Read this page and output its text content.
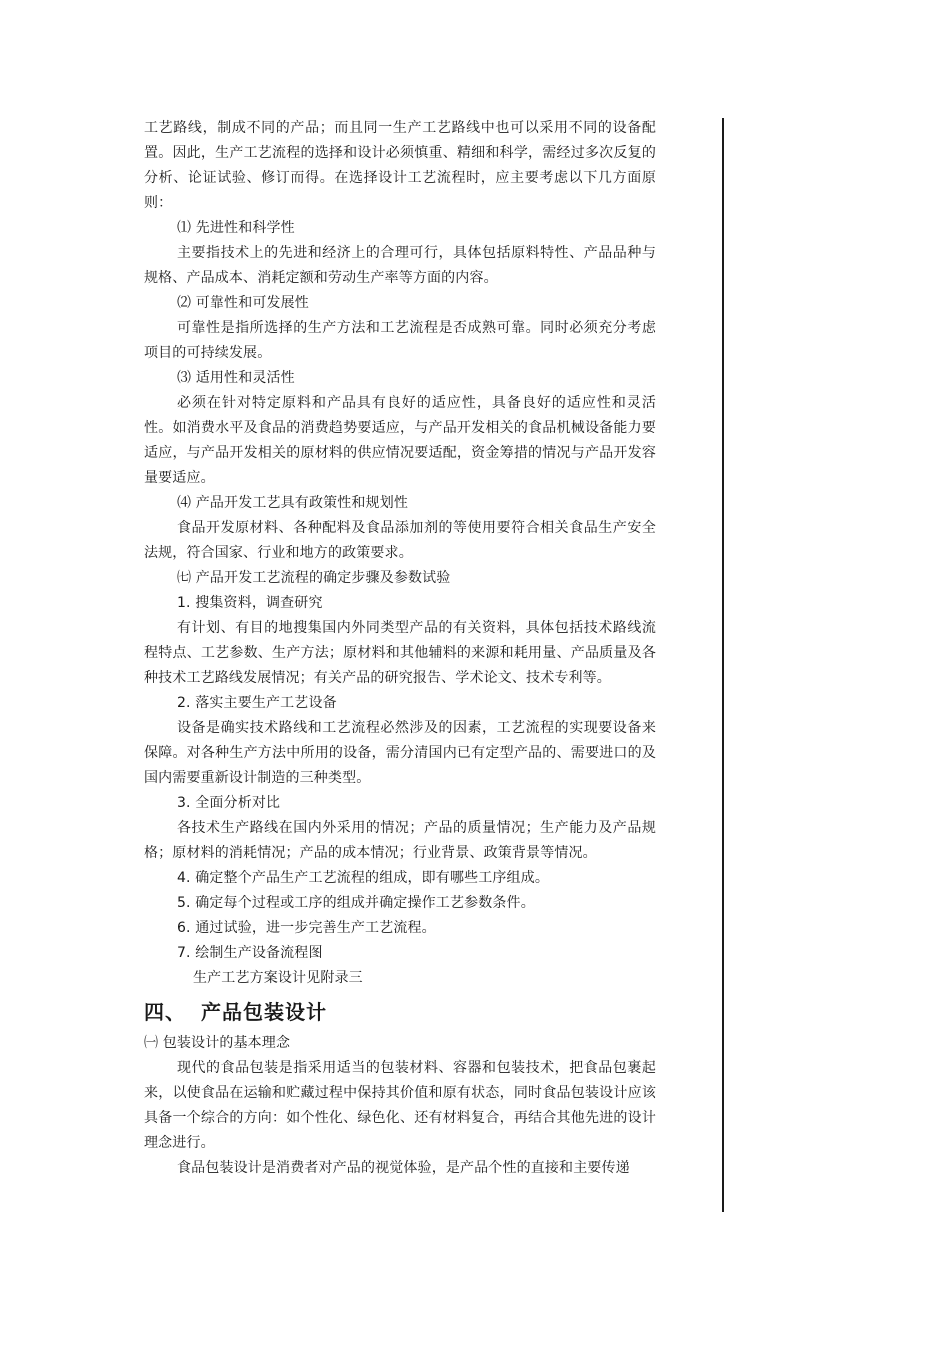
工艺路线，制成不同的产品；而且同一生产工艺路线中也可以采用不同的设备配置。因此，生产工艺流程的选择和设计必须慎重、精细和科学，需经过多次反复的分析、论证试验、修订而得。在选择设计工艺流程时，应主要考虑以下几方面原则：

⑴ 先进性和科学性

主要指技术上的先进和经济上的合理可行，具体包括原料特性、产品品种与规格、产品成本、消耗定额和劳动生产率等方面的内容。

⑵ 可靠性和可发展性

可靠性是指所选择的生产方法和工艺流程是否成熟可靠。同时必须充分考虑项目的可持续发展。

⑶ 适用性和灵活性

必须在针对特定原料和产品具有良好的适应性，具备良好的适应性和灵活性。如消费水平及食品的消费趋势要适应，与产品开发相关的食品机械设备能力要适应，与产品开发相关的原材料的供应情况要适配，资金筹措的情况与产品开发容量要适应。

⑷ 产品开发工艺具有政策性和规划性

食品开发原材料、各种配料及食品添加剂的等使用要符合相关食品生产安全法规，符合国家、行业和地方的政策要求。

㈦ 产品开发工艺流程的确定步骤及参数试验

1. 搜集资料，调查研究

有计划、有目的地搜集国内外同类型产品的有关资料，具体包括技术路线流程特点、工艺参数、生产方法；原材料和其他辅料的来源和耗用量、产品质量及各种技术工艺路线发展情况；有关产品的研究报告、学术论文、技术专利等。

2. 落实主要生产工艺设备

设备是确实技术路线和工艺流程必然涉及的因素，工艺流程的实现要设备来保障。对各种生产方法中所用的设备，需分清国内已有定型产品的、需要进口的及国内需要重新设计制造的三种类型。

3. 全面分析对比

各技术生产路线在国内外采用的情况；产品的质量情况；生产能力及产品规格；原材料的消耗情况；产品的成本情况；行业背景、政策背景等情况。

4. 确定整个产品生产工艺流程的组成，即有哪些工序组成。

5. 确定每个过程或工序的组成并确定操作工艺参数条件。

6. 通过试验，进一步完善生产工艺流程。

7. 绘制生产设备流程图

生产工艺方案设计见附录三

四、 产品包装设计

㈠ 包装设计的基本理念

现代的食品包装是指采用适当的包装材料、容器和包装技术，把食品包裹起来，以使食品在运输和贮藏过程中保持其价值和原有状态，同时食品包装设计应该具备一个综合的方向：如个性化、绿色化、还有材料复合，再结合其他先进的设计理念进行。

食品包装设计是消费者对产品的视觉体验，是产品个性的直接和主要传递
